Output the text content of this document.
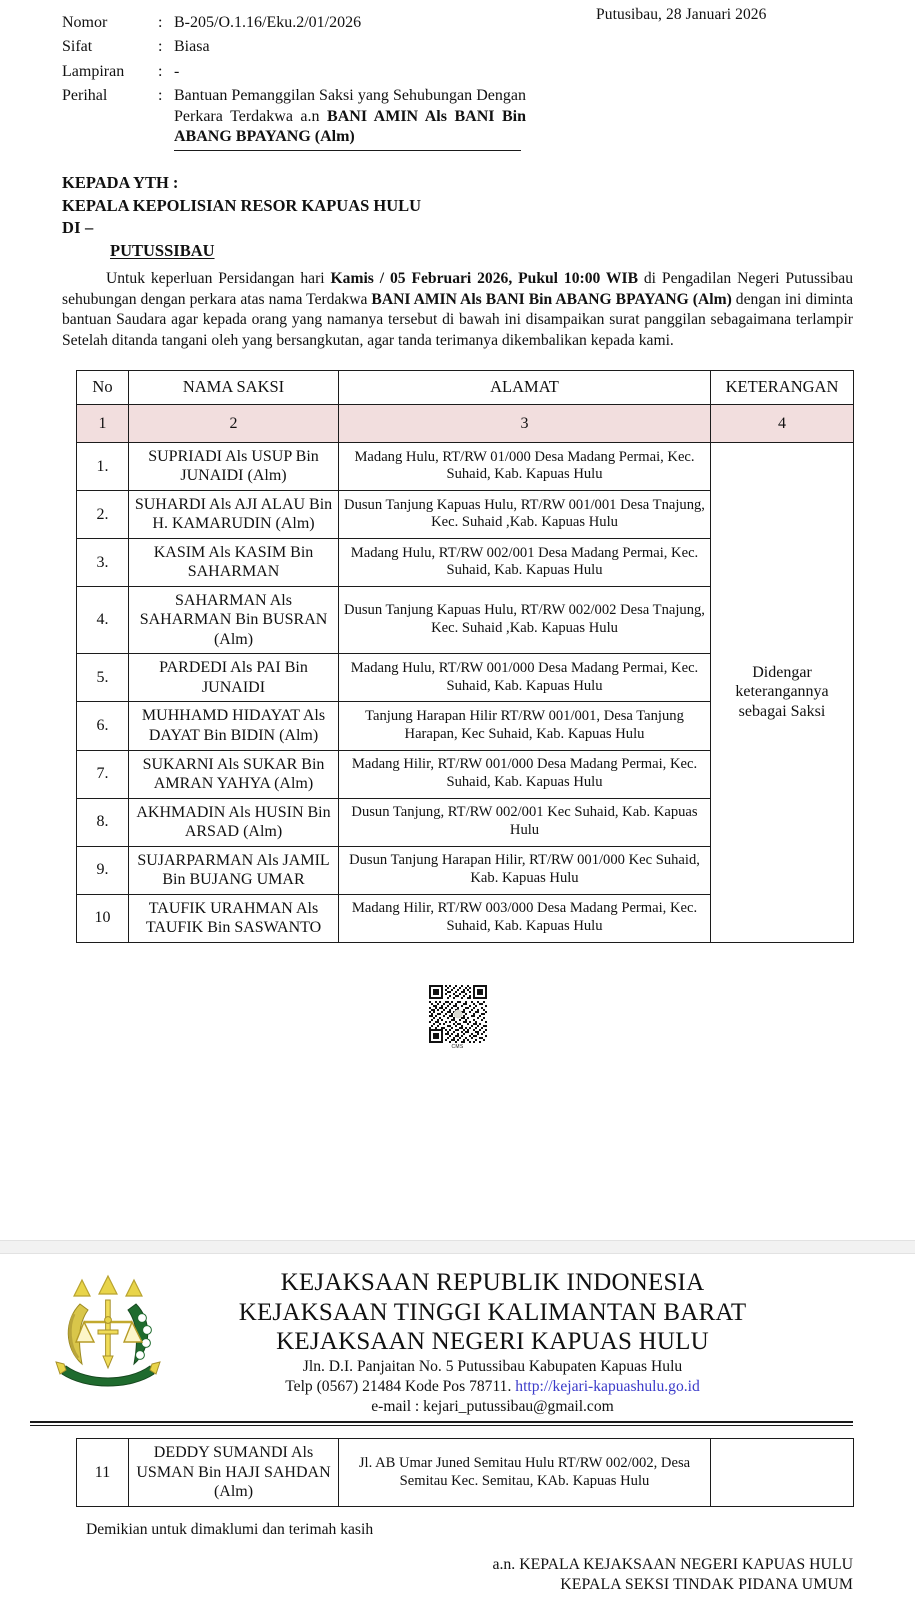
Putusibau, 28 Januari 2026
Nomor	:	B-205/O.1.16/Eku.2/01/2026
Sifat	:	Biasa
Lampiran	:	-
Perihal	:	Bantuan Pemanggilan Saksi yang Sehubungan Dengan Perkara Terdakwa a.n BANI AMIN Als BANI Bin ABANG BPAYANG (Alm)
KEPADA YTH :
KEPALA KEPOLISIAN RESOR KAPUAS HULU
DI –
PUTUSSIBAU

Untuk keperluan Persidangan hari Kamis / 05 Februari 2026, Pukul 10:00 WIB di Pengadilan Negeri Putussibau sehubungan dengan perkara atas nama Terdakwa BANI AMIN Als BANI Bin ABANG BPAYANG (Alm) dengan ini diminta bantuan Saudara agar kepada orang yang namanya tersebut di bawah ini disampaikan surat panggilan sebagaimana terlampir Setelah ditanda tangani oleh yang bersangkutan, agar tanda terimanya dikembalikan kepada kami.

No	NAMA SAKSI	ALAMAT	KETERANGAN
1	2	3	4
1.	SUPRIADI Als USUP Bin JUNAIDI (Alm)	Madang Hulu, RT/RW 01/000 Desa Madang Permai, Kec. Suhaid, Kab. Kapuas Hulu	Didengar keterangannya sebagai Saksi
2.	SUHARDI Als AJI ALAU Bin H. KAMARUDIN (Alm)	Dusun Tanjung Kapuas Hulu, RT/RW 001/001 Desa Tnajung, Kec. Suhaid ,Kab. Kapuas Hulu	
3.	KASIM Als KASIM Bin SAHARMAN	Madang Hulu, RT/RW 002/001 Desa Madang Permai, Kec. Suhaid, Kab. Kapuas Hulu	
4.	SAHARMAN Als SAHARMAN Bin BUSRAN (Alm)	Dusun Tanjung Kapuas Hulu, RT/RW 002/002 Desa Tnajung, Kec. Suhaid ,Kab. Kapuas Hulu	
5.	PARDEDI Als PAI Bin JUNAIDI	Madang Hulu, RT/RW 001/000 Desa Madang Permai, Kec. Suhaid, Kab. Kapuas Hulu	
6.	MUHHAMD HIDAYAT Als DAYAT Bin BIDIN (Alm)	Tanjung Harapan Hilir RT/RW 001/001, Desa Tanjung Harapan, Kec Suhaid, Kab. Kapuas Hulu	
7.	SUKARNI Als SUKAR Bin AMRAN YAHYA (Alm)	Madang Hilir, RT/RW 001/000 Desa Madang Permai, Kec. Suhaid, Kab. Kapuas Hulu	
8.	AKHMADIN Als HUSIN Bin ARSAD (Alm)	Dusun Tanjung, RT/RW 002/001 Kec Suhaid, Kab. Kapuas Hulu	
9.	SUJARPARMAN Als JAMIL Bin BUJANG UMAR	Dusun Tanjung Harapan Hilir, RT/RW 001/000 Kec Suhaid, Kab. Kapuas Hulu	
10	TAUFIK URAHMAN Als TAUFIK Bin SASWANTO	Madang Hilir, RT/RW 003/000 Desa Madang Permai, Kec. Suhaid, Kab. Kapuas Hulu	
CMS
KEJAKSAAN REPUBLIK INDONESIA
KEJAKSAAN TINGGI KALIMANTAN BARAT
KEJAKSAAN NEGERI KAPUAS HULU
Jln. D.I. Panjaitan No. 5 Putussibau Kabupaten Kapuas Hulu
Telp (0567) 21484 Kode Pos 78711. http://kejari-kapuashulu.go.id
e-mail : kejari_putussibau@gmail.com
11	DEDDY SUMANDI Als USMAN Bin HAJI SAHDAN (Alm)	Jl. AB Umar Juned Semitau Hulu RT/RW 002/002, Desa Semitau Kec. Semitau, KAb. Kapuas Hulu	
Demikian untuk dimaklumi dan terimah kasih
a.n. KEPALA KEJAKSAAN NEGERI KAPUAS HULU
KEPALA SEKSI TINDAK PIDANA UMUM
